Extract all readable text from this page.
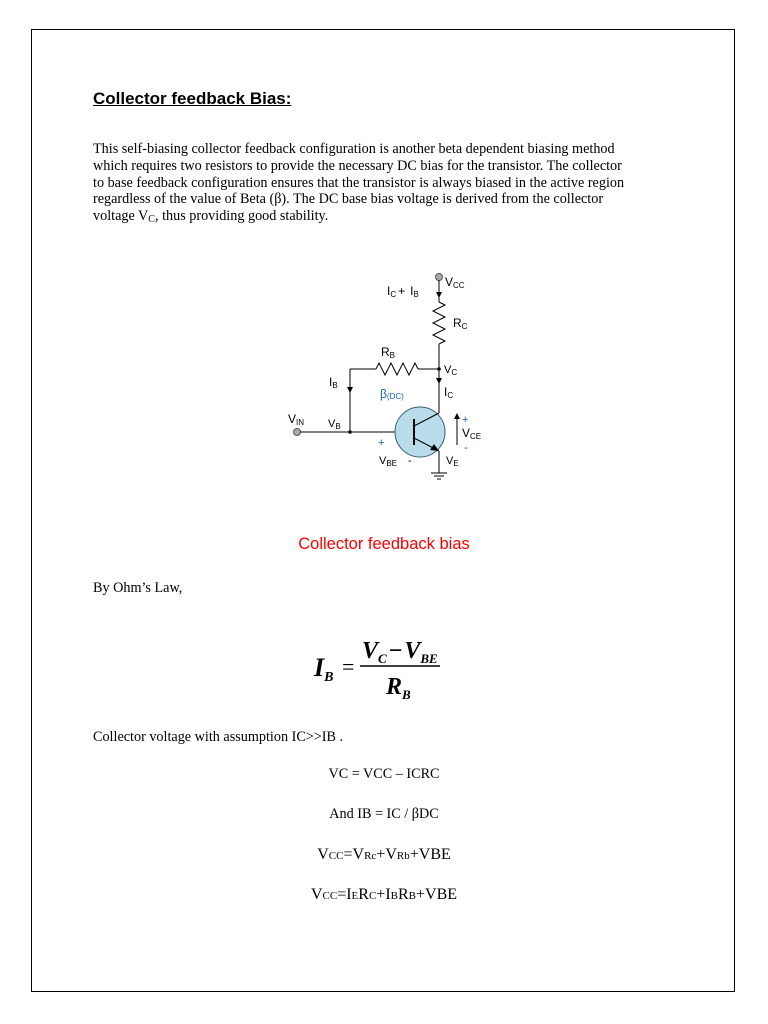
Collector feedback Bias:
This self-biasing collector feedback configuration is another beta dependent biasing method
which requires two resistors to provide the necessary DC bias for the transistor. The collector
to base feedback configuration ensures that the transistor is always biased in the active region
regardless of the value of Beta (β). The DC base bias voltage is derived from the collector
voltage $V_C$, thus providing good stability.
IC + IB
VCC
RC
RB
VC
IB	IC
β(DC)
VIN VB
+
VCE
-
+
VBE -	VE
Collector feedback bias
By Ohm’s Law,
IB =
$V_C-V_{BE}$
$R_B$
Collector voltage with assumption IC>>IB .
VC = VCC – ICRC
And IB = IC / βDC
VCC=VRc+VRb+VBE
VCC=IERC+IBRB+VBE
